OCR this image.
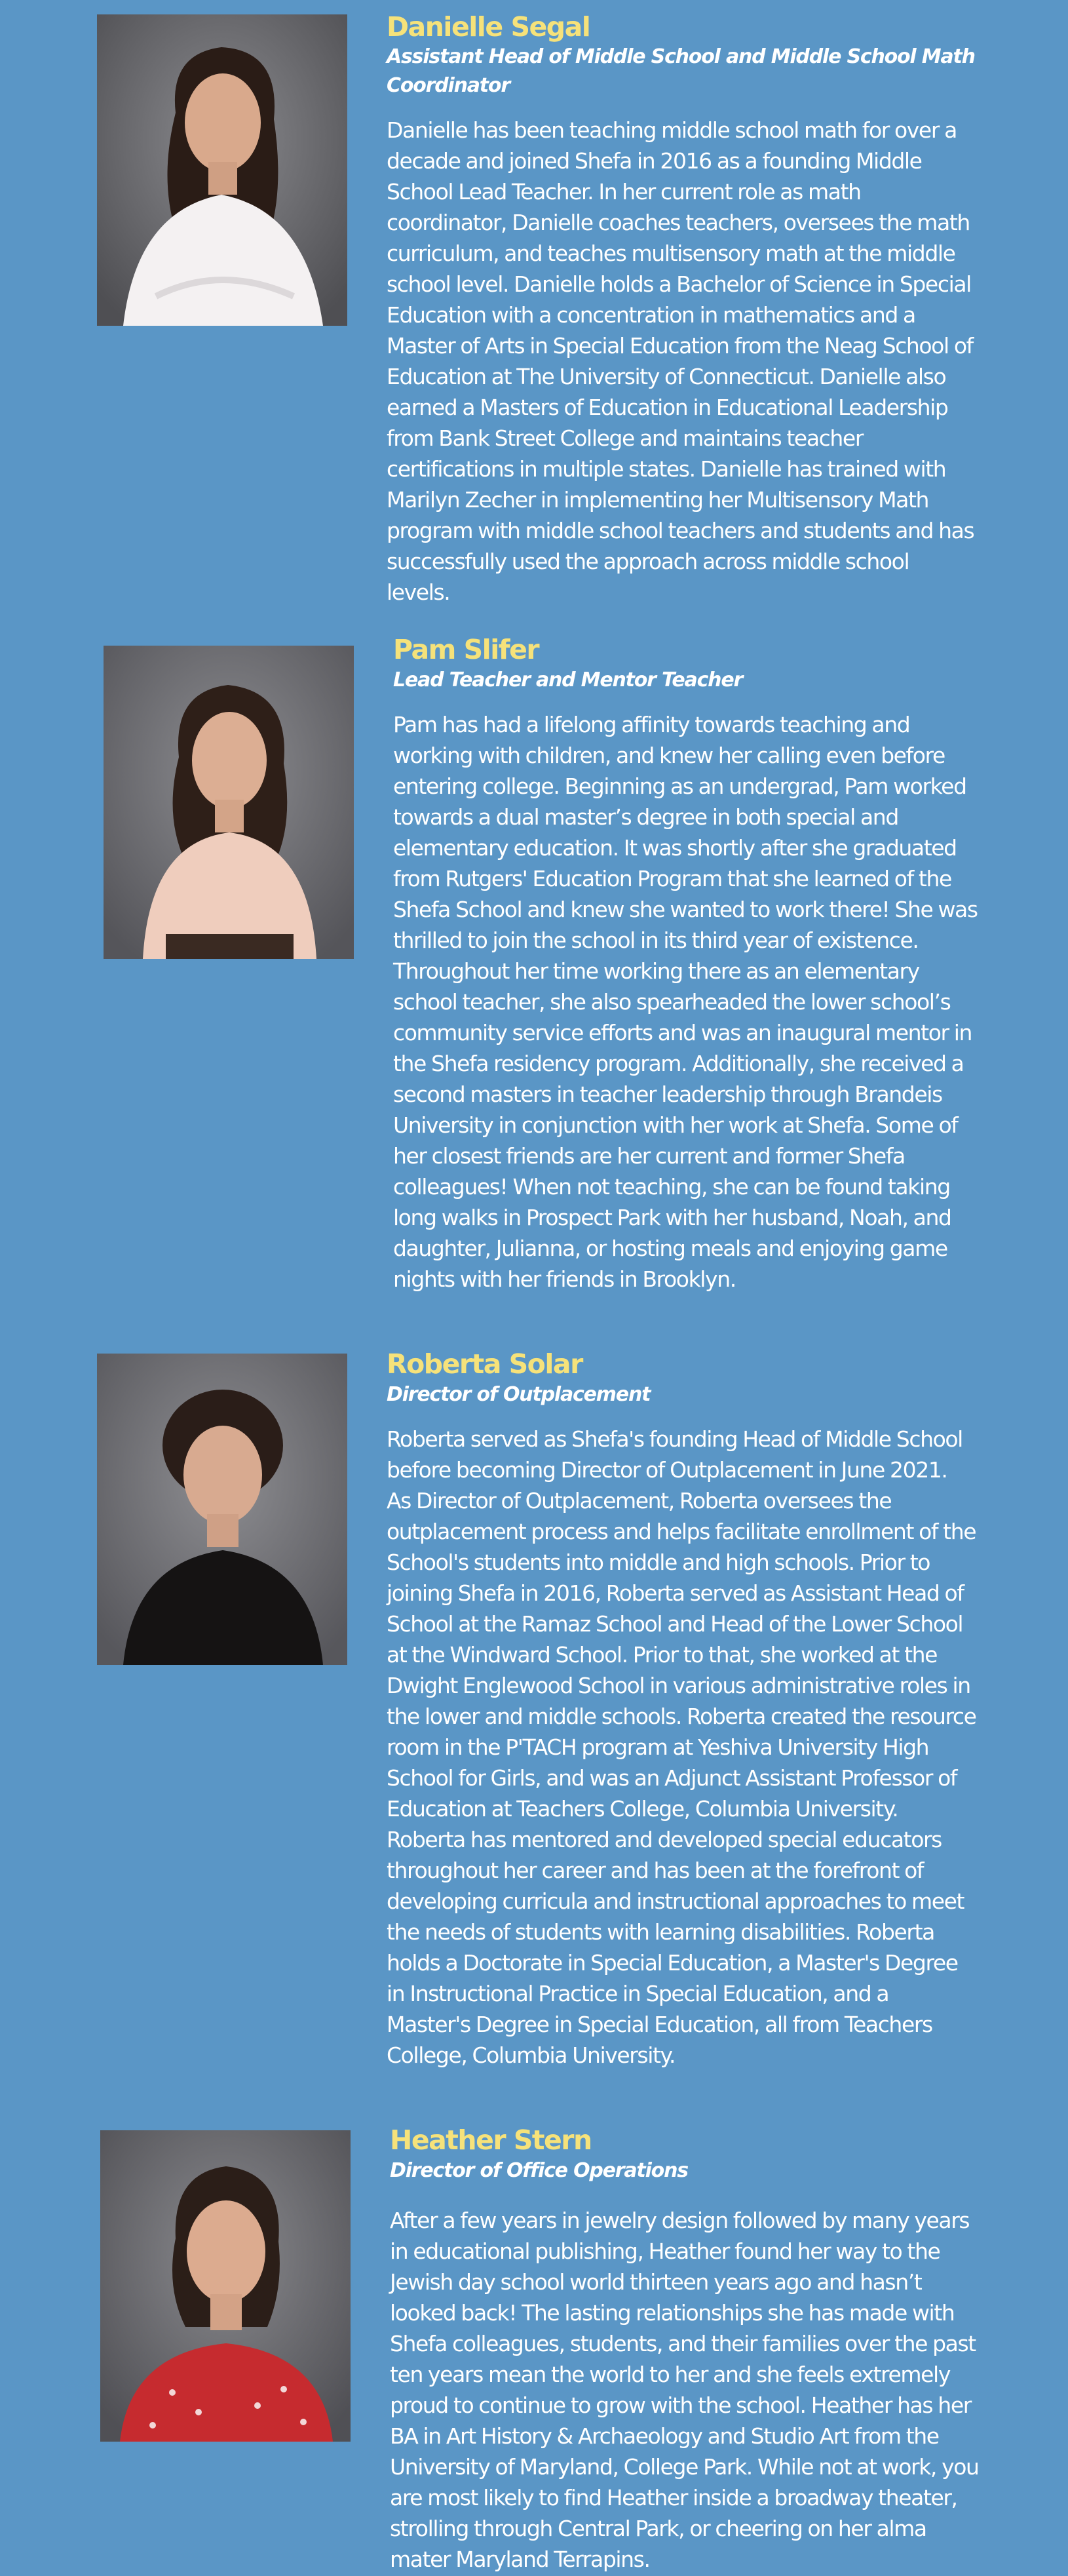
Danielle Segal
Assistant Head of Middle School and Middle School Math Coordinator
Danielle has been teaching middle school math for over a decade and joined Shefa in 2016 as a founding Middle School Lead Teacher. In her current role as math coordinator, Danielle coaches teachers, oversees the math curriculum, and teaches multisensory math at the middle school level. Danielle holds a Bachelor of Science in Special Education with a concentration in mathematics and a Master of Arts in Special Education from the Neag School of Education at The University of Connecticut. Danielle also earned a Masters of Education in Educational Leadership from Bank Street College and maintains teacher certifications in multiple states. Danielle has trained with Marilyn Zecher in implementing her Multisensory Math program with middle school teachers and students and has successfully used the approach across middle school levels.
Pam Slifer
Lead Teacher and Mentor Teacher
Pam has had a lifelong affinity towards teaching and working with children, and knew her calling even before entering college. Beginning as an undergrad, Pam worked towards a dual master’s degree in both special and elementary education. It was shortly after she graduated from Rutgers' Education Program that she learned of the Shefa School and knew she wanted to work there! She was thrilled to join the school in its third year of existence. Throughout her time working there as an elementary school teacher, she also spearheaded the lower school’s community service efforts and was an inaugural mentor in the Shefa residency program. Additionally, she received a second masters in teacher leadership through Brandeis University in conjunction with her work at Shefa. Some of her closest friends are her current and former Shefa colleagues! When not teaching, she can be found taking long walks in Prospect Park with her husband, Noah, and daughter, Julianna, or hosting meals and enjoying game nights with her friends in Brooklyn.
Roberta Solar
Director of Outplacement
Roberta served as Shefa's founding Head of Middle School before becoming Director of Outplacement in June 2021. As Director of Outplacement, Roberta oversees the outplacement process and helps facilitate enrollment of the School's students into middle and high schools. Prior to joining Shefa in 2016, Roberta served as Assistant Head of School at the Ramaz School and Head of the Lower School at the Windward School. Prior to that, she worked at the Dwight Englewood School in various administrative roles in the lower and middle schools. Roberta created the resource room in the P'TACH program at Yeshiva University High School for Girls, and was an Adjunct Assistant Professor of Education at Teachers College, Columbia University. Roberta has mentored and developed special educators throughout her career and has been at the forefront of developing curricula and instructional approaches to meet the needs of students with learning disabilities. Roberta holds a Doctorate in Special Education, a Master's Degree in Instructional Practice in Special Education, and a Master's Degree in Special Education, all from Teachers College, Columbia University.
Heather Stern
Director of Office Operations
After a few years in jewelry design followed by many years in educational publishing, Heather found her way to the Jewish day school world thirteen years ago and hasn’t looked back! The lasting relationships she has made with Shefa colleagues, students, and their families over the past ten years mean the world to her and she feels extremely proud to continue to grow with the school. Heather has her BA in Art History & Archaeology and Studio Art from the University of Maryland, College Park. While not at work, you are most likely to find Heather inside a broadway theater, strolling through Central Park, or cheering on her alma mater Maryland Terrapins.
